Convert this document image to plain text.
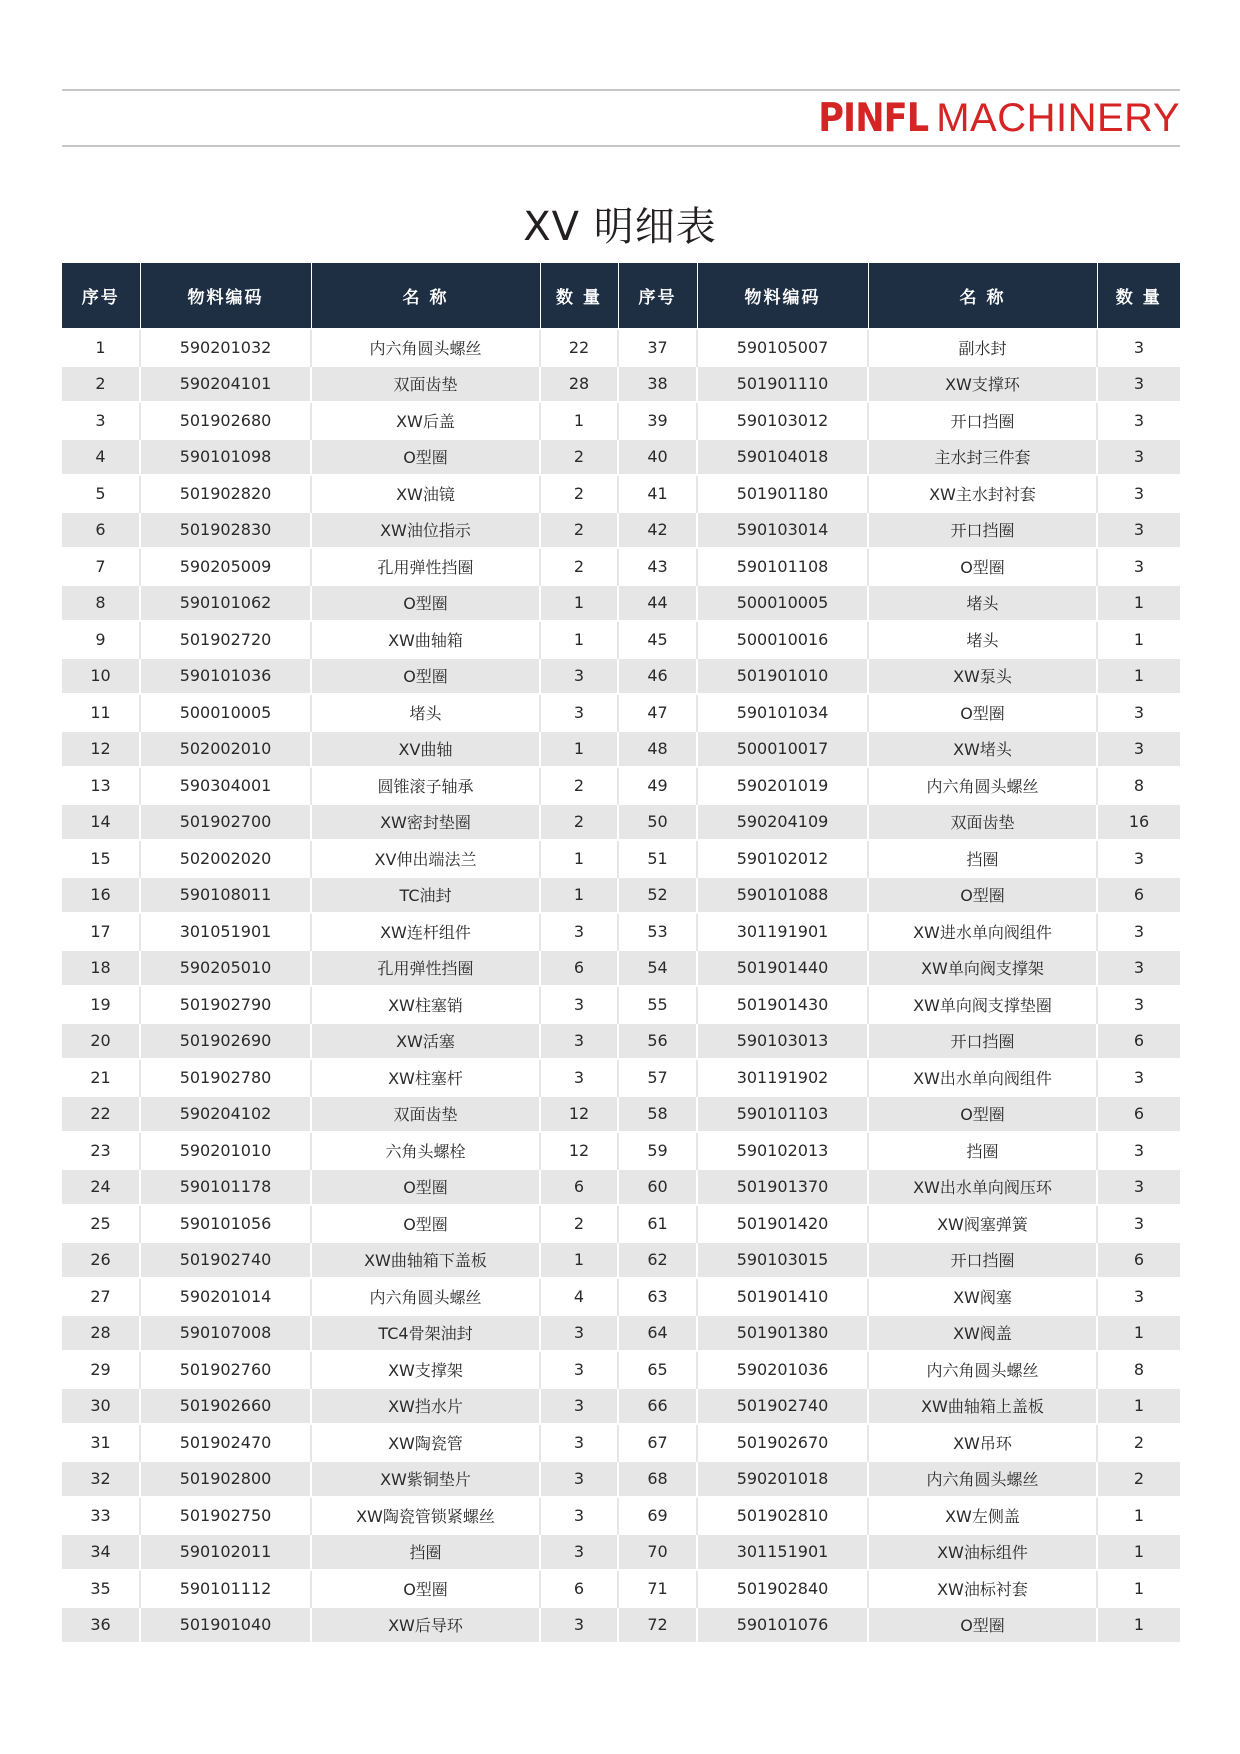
PINFL MACHINERY
XV 明细表
序号	物料编码	名 称	数 量	序号	物料编码	名 称	数 量
1	590201032	内六角圆头螺丝	22	37	590105007	副水封	3
2	590204101	双面齿垫	28	38	501901110	XW支撑环	3
3	501902680	XW后盖	1	39	590103012	开口挡圈	3
4	590101098	O型圈	2	40	590104018	主水封三件套	3
5	501902820	XW油镜	2	41	501901180	XW主水封衬套	3
6	501902830	XW油位指示	2	42	590103014	开口挡圈	3
7	590205009	孔用弹性挡圈	2	43	590101108	O型圈	3
8	590101062	O型圈	1	44	500010005	堵头	1
9	501902720	XW曲轴箱	1	45	500010016	堵头	1
10	590101036	O型圈	3	46	501901010	XW泵头	1
11	500010005	堵头	3	47	590101034	O型圈	3
12	502002010	XV曲轴	1	48	500010017	XW堵头	3
13	590304001	圆锥滚子轴承	2	49	590201019	内六角圆头螺丝	8
14	501902700	XW密封垫圈	2	50	590204109	双面齿垫	16
15	502002020	XV伸出端法兰	1	51	590102012	挡圈	3
16	590108011	TC油封	1	52	590101088	O型圈	6
17	301051901	XW连杆组件	3	53	301191901	XW进水单向阀组件	3
18	590205010	孔用弹性挡圈	6	54	501901440	XW单向阀支撑架	3
19	501902790	XW柱塞销	3	55	501901430	XW单向阀支撑垫圈	3
20	501902690	XW活塞	3	56	590103013	开口挡圈	6
21	501902780	XW柱塞杆	3	57	301191902	XW出水单向阀组件	3
22	590204102	双面齿垫	12	58	590101103	O型圈	6
23	590201010	六角头螺栓	12	59	590102013	挡圈	3
24	590101178	O型圈	6	60	501901370	XW出水单向阀压环	3
25	590101056	O型圈	2	61	501901420	XW阀塞弹簧	3
26	501902740	XW曲轴箱下盖板	1	62	590103015	开口挡圈	6
27	590201014	内六角圆头螺丝	4	63	501901410	XW阀塞	3
28	590107008	TC4骨架油封	3	64	501901380	XW阀盖	1
29	501902760	XW支撑架	3	65	590201036	内六角圆头螺丝	8
30	501902660	XW挡水片	3	66	501902740	XW曲轴箱上盖板	1
31	501902470	XW陶瓷管	3	67	501902670	XW吊环	2
32	501902800	XW紫铜垫片	3	68	590201018	内六角圆头螺丝	2
33	501902750	XW陶瓷管锁紧螺丝	3	69	501902810	XW左侧盖	1
34	590102011	挡圈	3	70	301151901	XW油标组件	1
35	590101112	O型圈	6	71	501902840	XW油标衬套	1
36	501901040	XW后导环	3	72	590101076	O型圈	1
